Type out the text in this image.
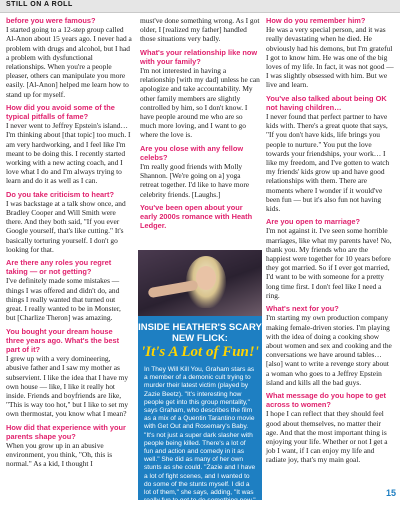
STILL ON A ROLL

before you were famous?

I started going to a 12-step group called Al-Anon about 15 years ago. I never had a problem with drugs and alcohol, but I had a problem with dysfunctional relationships. When you're a people pleaser, others can manipulate you more easily. [Al-Anon] helped me learn how to stand up for myself.

How did you avoid some of the typical pitfalls of fame?

I never went to Jeffrey Epstein's island… I'm thinking about [that topic] too much. I am very hardworking, and I feel like I'm meant to be doing this. I recently started working with a new acting coach, and I love what I do and I'm always trying to learn and do it as well as I can.

Do you take criticism to heart?

I was backstage at a talk show once, and Bradley Cooper and Will Smith were there. And they both said, "If you ever Google yourself, that's like cutting." It's basically torturing yourself. I don't go looking for that.

Are there any roles you regret taking — or not getting?

I've definitely made some mistakes — things I was offered and didn't do, and things I really wanted that turned out great. I really wanted to be in Monster, but [Charlize Theron] was amazing.

You bought your dream house three years ago. What's the best part of it?

I grew up with a very domineering, abusive father and I saw my mother as subservient. I like the idea that I have my own house — like, I like it really hot inside. Friends and boyfriends are like, "This is way too hot," but I like to set my own thermostat, you know what I mean?

How did that experience with your parents shape you?

When you grow up in an abusive environment, you think, "Oh, this is normal." As a kid, I thought I

must've done something wrong. As I got older, I [realized my father] handled those situations very badly.

What's your relationship like now with your family?

I'm not interested in having a relationship [with my dad] unless he can apologize and take accountability. My other family members are slightly controlled by him, so I don't know. I have people around me who are so much more loving, and I want to go where the love is.

Are you close with any fellow celebs?

I'm really good friends with Molly Shannon. [We're going on a] yoga retreat together. I'd like to have more celebrity friends. [Laughs.]

You've been open about your early 2000s romance with Heath Ledger.

INSIDE HEATHER'S SCARY NEW FLICK:
'It's A Lot of Fun!'

In They Will Kill You, Graham stars as a member of a demonic cult trying to murder their latest victim (played by Zazie Beetz). "It's interesting how people get into this group mentality," says Graham, who describes the film as a mix of a Quentin Tarantino movie with Get Out and Rosemary's Baby. "It's not just a super dark slasher with people being killed. There's a lot of fun and action and comedy in it as well." She did as many of her own stunts as she could. "Zazie and I have a lot of fight scenes, and I wanted to do some of the stunts myself. I did a lot of them," she says, adding, "It was really fun to get to do something new."

How do you remember him?

He was a very special person, and it was really devastating when he died. He obviously had his demons, but I'm grateful I got to know him. He was one of the big loves of my life. In fact, it was not good — I was slightly obsessed with him. But we live and learn.

You've also talked about being OK not having children…

I never found that perfect partner to have kids with. There's a great quote that says, "If you don't have kids, life brings you people to nurture." You put the love towards your friendships, your work… I like my freedom, and I've gotten to watch my friends' kids grow up and have good relationships with them. There are moments where I wonder if it would've been fun — but it's also fun not having kids.

Are you open to marriage?

I'm not against it. I've seen some horrible marriages, like what my parents have! No, thank you. My friends who are the happiest were together for 10 years before they got married. So if I ever got married, I'd want to be with someone for a pretty long time first. I don't feel like I need a ring.

What's next for you?

I'm starting my own production company making female-driven stories. I'm playing with the idea of doing a cooking show about women and sex and cooking and the conversations we have around tables… [also] want to write a revenge story about a woman who goes to a Jeffrey Epstein island and kills all the bad guys.

What message do you hope to get across to women?

I hope I can reflect that they should feel good about themselves, no matter their age. And that the most important thing is enjoying your life. Whether or not I get a job I want, if I can enjoy my life and radiate joy, that's my main goal.

15
